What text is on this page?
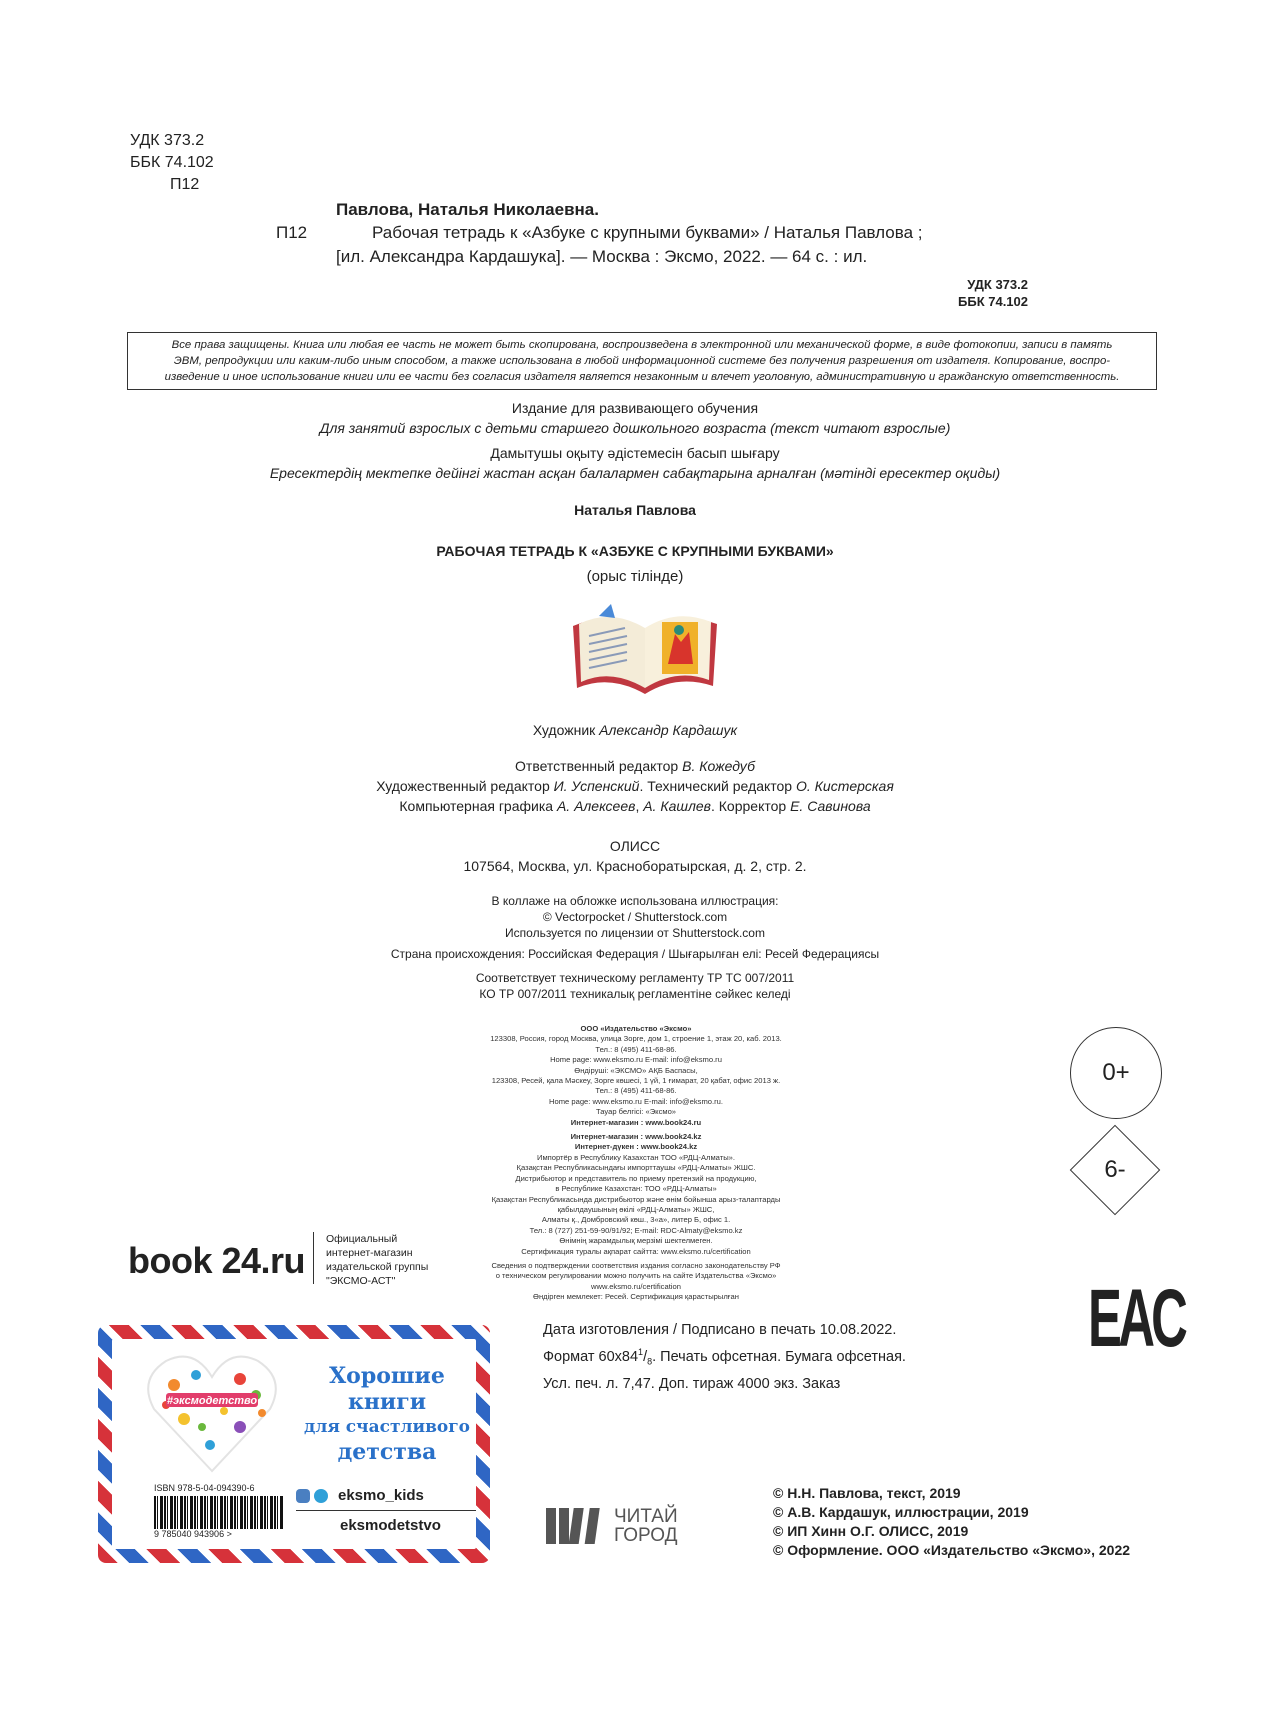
УДК 373.2
ББК 74.102
П12
Павлова, Наталья Николаевна.
П12	Рабочая тетрадь к «Азбуке с крупными буквами» / Наталья Павлова ;
[ил. Александра Кардашука]. — Москва : Эксмо, 2022. — 64 с. : ил.
УДК 373.2
ББК 74.102
Все права защищены. Книга или любая ее часть не может быть скопирована, воспроизведена в электронной или механической форме, в виде фотокопии, записи в память
ЭВМ, репродукции или каким-либо иным способом, а также использована в любой информационной системе без получения разрешения от издателя. Копирование, воспро-
изведение и иное использование книги или ее части без согласия издателя является незаконным и влечет уголовную, административную и гражданскую ответственность.
Издание для развивающего обучения
Для занятий взрослых с детьми старшего дошкольного возраста (текст читают взрослые)
Дамытушы оқыту әдістемесін басып шығару
Ересектердің мектепке дейінгі жастан асқан балалармен сабақтарына арналған (мәтінді ересектер оқиды)
Наталья Павлова
РАБОЧАЯ ТЕТРАДЬ К «АЗБУКЕ С КРУПНЫМИ БУКВАМИ»
(орыс тілінде)
Художник Александр Кардашук
Ответственный редактор В. Кожедуб
Художественный редактор И. Успенский. Технический редактор О. Кистерская
Компьютерная графика А. Алексеев, А. Кашлев. Корректор Е. Савинова
ОЛИСС
107564, Москва, ул. Красноборатырская, д. 2, стр. 2.
В коллаже на обложке использована иллюстрация:
© Vectorpocket / Shutterstock.com
Используется по лицензии от Shutterstock.com
Страна происхождения: Российская Федерация / Шығарылған елі: Ресей Федерациясы
Соответствует техническому регламенту ТР ТС 007/2011
КО ТР 007/2011 техникалық регламентіне сәйкес келеді
ООО «Издательство «Эксмо»
123308, Россия, город Москва, улица Зорге, дом 1, строение 1, этаж 20, каб. 2013.
Тел.: 8 (495) 411-68-86.
Home page: www.eksmo.ru E-mail: info@eksmo.ru
Өндіруші: «ЭКСМО» АҚБ Баспасы,
123308, Ресей, қала Мәскеу, Зорге көшесі, 1 үй, 1 ғимарат, 20 қабат, офис 2013 ж.
Тел.: 8 (495) 411-68-86.
Home page: www.eksmo.ru E-mail: info@eksmo.ru.
Тауар белгісі: «Эксмо»
Интернет-магазин : www.book24.ru
Интернет-магазин : www.book24.kz
Интернет-дүкен : www.book24.kz
Импортёр в Республику Казахстан ТОО «РДЦ-Алматы».
Қазақстан Республикасындағы импорттаушы «РДЦ-Алматы» ЖШС.
Дистрибьютор и представитель по приему претензий на продукцию,
в Республике Казахстан: ТОО «РДЦ-Алматы»
Қазақстан Республикасында дистрибьютор және өнім бойынша арыз-талаптарды
қабылдаушының өкілі «РДЦ-Алматы» ЖШС,
Алматы қ., Домбровский көш., 3«а», литер Б, офис 1.
Тел.: 8 (727) 251-59-90/91/92; E-mail: RDC-Almaty@eksmo.kz
Өнімнің жарамдылық мерзімі шектелмеген.
Сертификация туралы ақпарат сайтта: www.eksmo.ru/certification
Сведения о подтверждении соответствия издания согласно законодательству РФ
о техническом регулировании можно получить на сайте Издательства «Эксмо»
www.eksmo.ru/certification
Өндірген мемлекет: Ресей. Сертификация қарастырылған
book 24.ru
Официальный
интернет-магазин
издательской группы
"ЭКСМО-АСТ"
0+
6-
EAC
Дата изготовления / Подписано в печать 10.08.2022.
Формат $60x84^1/_8$. Печать офсетная. Бумага офсетная.
Усл. печ. л. 7,47. Доп. тираж 4000 экз. Заказ
#эксмодетство
Хорошие
книги
для счастливого
детства
ISBN 978-5-04-094390-6
9 785040 943906 >
eksmo_kids
eksmodetstvo	ЧИТАЙ
ГОРОД
© Н.Н. Павлова, текст, 2019
© А.В. Кардашук, иллюстрации, 2019
© ИП Хинн О.Г. ОЛИСС, 2019
© Оформление. ООО «Издательство «Эксмо», 2022
